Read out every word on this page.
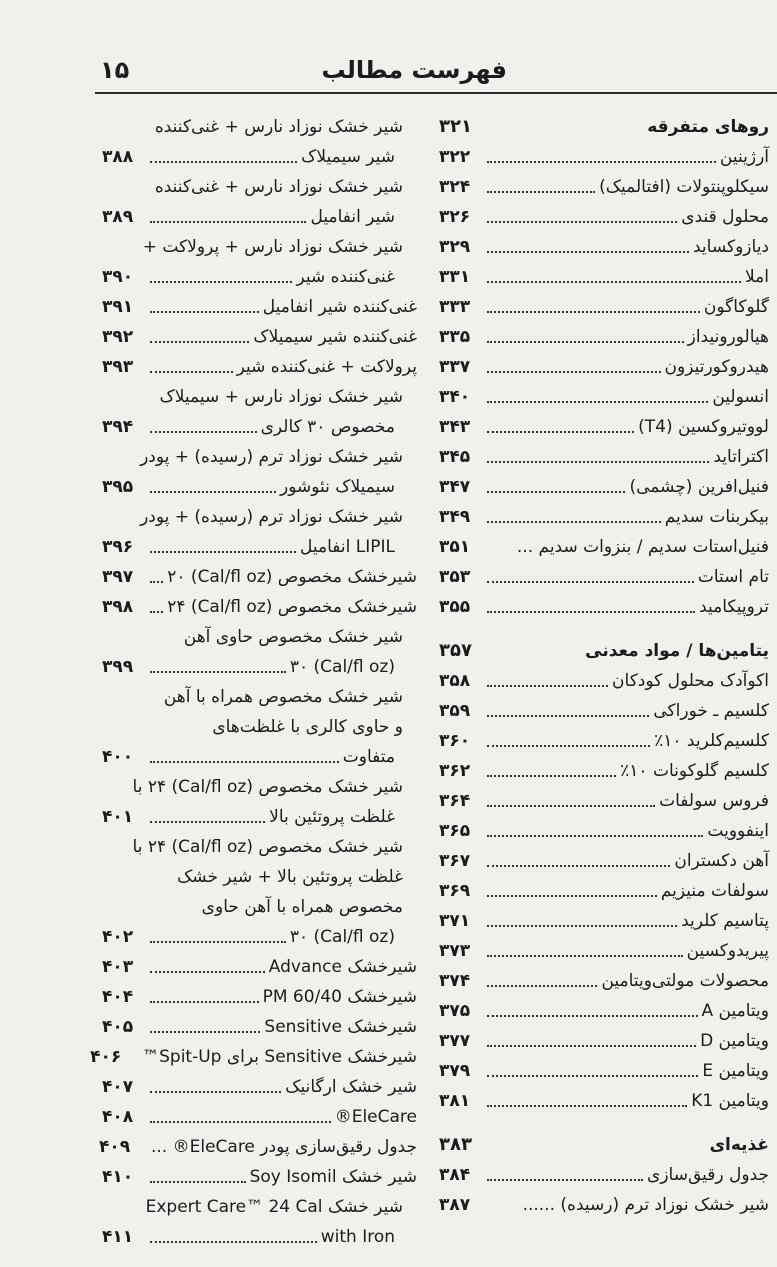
فهرست مطالب
۱۵
روهای متفرقه
۳۲۱
آرژینین
۳۲۲
سیکلوپنتولات (افتالمیک)
۳۲۴
محلول قندی
۳۲۶
دیازوکساید
۳۲۹
املا
۳۳۱
گلوکاگون
۳۳۳
هیالورونیداز
۳۳۵
هیدروکورتیزون
۳۳۷
انسولین
۳۴۰
لووتیروکسین (T4)
۳۴۳
اکتراتاید
۳۴۵
فنیل‌افرین (چشمی)
۳۴۷
بیکربنات سدیم
۳۴۹
فنیل‌استات سدیم / بنزوات سدیم ...
۳۵۱
تام استات
۳۵۳
تروپیکامید
۳۵۵
یتامین‌ها / مواد معدنی
۳۵۷
اکوآدک محلول کودکان
۳۵۸
کلسیم ـ خوراکی
۳۵۹
کلسیم‌کلرید ۱۰٪
۳۶۰
کلسیم گلوکونات ۱۰٪
۳۶۲
فروس سولفات
۳۶۴
اینفوویت
۳۶۵
آهن دکستران
۳۶۷
سولفات منیزیم
۳۶۹
پتاسیم کلرید
۳۷۱
پیریدوکسین
۳۷۳
محصولات مولتی‌ویتامین
۳۷۴
ویتامین A
۳۷۵
ویتامین D
۳۷۷
ویتامین E
۳۷۹
ویتامین K1
۳۸۱
غذیه‌ای
۳۸۳
جدول رقیق‌سازی
۳۸۴
شیر خشک نوزاد ترم (رسیده) ......
۳۸۷
شیر خشک نوزاد نارس + غنی‌کننده
شیر سیمیلاک
۳۸۸
شیر خشک نوزاد نارس + غنی‌کننده
شیر انفامیل
۳۸۹
شیر خشک نوزاد نارس + پرولاکت +
غنی‌کننده شیر
۳۹۰
غنی‌کننده شیر انفامیل
۳۹۱
غنی‌کننده شیر سیمیلاک
۳۹۲
پرولاکت + غنی‌کننده شیر
۳۹۳
شیر خشک نوزاد نارس + سیمیلاک
مخصوص ۳۰ کالری
۳۹۴
شیر خشک نوزاد ترم (رسیده) + پودر
سیمیلاک نئوشور
۳۹۵
شیر خشک نوزاد ترم (رسیده) + پودر
LIPIL انفامیل
۳۹۶
شیرخشک مخصوص (Cal/fl oz) ۲۰
۳۹۷
شیرخشک مخصوص (Cal/fl oz) ۲۴
۳۹۸
شیر خشک مخصوص حاوی آهن
(Cal/fl oz) ۳۰
۳۹۹
شیر خشک مخصوص همراه با آهن
و حاوی کالری با غلظت‌های
متفاوت
۴۰۰
شیر خشک مخصوص (Cal/fl oz) ۲۴ با
غلظت پروتئین بالا
۴۰۱
شیر خشک مخصوص (Cal/fl oz) ۲۴ با
غلظت پروتئین بالا + شیر خشک
مخصوص همراه با آهن حاوی
(Cal/fl oz) ۳۰
۴۰۲
شیرخشک Advance
۴۰۳
شیرخشک PM 60/40
۴۰۴
شیرخشک Sensitive
۴۰۵
شیرخشک Sensitive برای Spit-Up™
۴۰۶
شیر خشک ارگانیک
۴۰۷
EleCare®
۴۰۸
جدول رقیق‌سازی پودر EleCare® ...
۴۰۹
شیر خشک Soy Isomil
۴۱۰
شیر خشک Expert Care™ 24 Cal
with Iron
۴۱۱
